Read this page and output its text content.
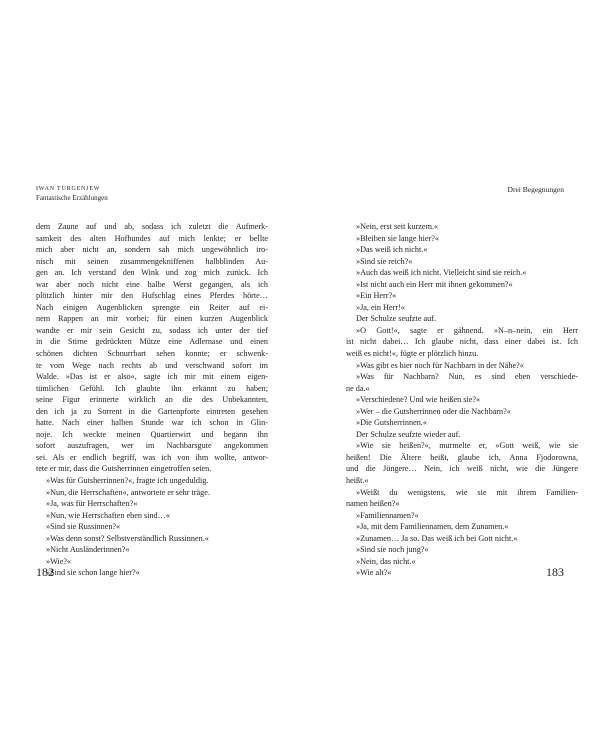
IWAN TURGENJEW
Fantastische Erzählungen
Drei Begegnungen
dem Zaune auf und ab, sodass ich zuletzt die Aufmerk-
samkeit des alten Hofhundes auf mich lenkte; er bellte
mich aber nicht an, sondern sah mich ungewöhnlich iro-
nisch mit seinen zusammengekniffenen halbblinden Au-
gen an. Ich verstand den Wink und zog mich zurück. Ich
war aber noch nicht eine halbe Werst gegangen, als ich
plötzlich hinter mir den Hufschlag eines Pferdes hörte…
Nach einigen Augenblicken sprengte ein Reiter auf ei-
nem Rappen an mir vorbei; für einen kurzen Augenblick
wandte er mir sein Gesicht zu, sodass ich unter der tief
in die Stirne gedrückten Mütze eine Adlernase und einen
schönen dichten Schnurrbart sehen konnte; er schwenk-
te vom Wege nach rechts ab und verschwand sofort im
Walde. »Das ist er also«, sagte ich mir mit einem eigen-
tümlichen Gefühl. Ich glaubte ihn erkannt zu haben;
seine Figur erinnerte wirklich an die des Unbekannten,
den ich ja zu Sorrent in die Gartenpforte eintreten gesehen
hatte. Nach einer halben Stunde war ich schon in Glin-
noje. Ich weckte meinen Quartierwirt und begann ihn
sofort auszufragen, wer im Nachbarsgute angekommen
sei. Als er endlich begriff, was ich von ihm wollte, antwor-
tete er mir, dass die Gutsherrinnen eingetroffen seien.
»Was für Gutsherrinnen?«, fragte ich ungeduldig.
»Nun, die Herrschaften«, antwortete er sehr träge.
»Ja, was für Herrschaften?«
»Nun, wie Herrschaften eben sind…«
»Sind sie Russinnen?«
»Was denn sonst? Selbstverständlich Russinnen.«
»Nicht Ausländerinnen?«
»Wie?«
»Sind sie schon lange hier?«
»Nein, erst seit kurzem.«
»Bleiben sie lange hier?«
»Das weiß ich nicht.«
»Sind sie reich?«
»Auch das weiß ich nicht. Vielleicht sind sie reich.«
»Ist nicht auch ein Herr mit ihnen gekommen?«
»Ein Herr?«
»Ja, ein Herr!«
Der Schulze seufzte auf.
»O Gott!«, sagte er gähnend. »N–n–nein, ein Herr
ist nicht dabei… Ich glaube nicht, dass einer dabei ist. Ich
weiß es nicht!«, fügte er plötzlich hinzu.
»Was gibt es hier noch für Nachbarn in der Nähe?«
»Was für Nachbarn? Nun, es sind eben verschiede-
ne da.«
»Verschiedene? Und wie heißen sie?«
»Wer – die Gutsherrinnen oder die Nachbarn?«
»Die Gutsherrinnen.«
Der Schulze seufzte wieder auf.
»Wie sie heißen?«, murmelte er, »Gott weiß, wie sie
heißen! Die Ältere heißt, glaube ich, Anna Fjodorowna,
und die Jüngere… Nein, ich weiß nicht, wie die Jüngere
heißt.«
»Weißt du wenigstens, wie sie mit ihrem Familien-
namen heißen?«
»Familiennamen?«
»Ja, mit dem Familiennamen, dem Zunamen.«
»Zunamen… Ja so. Das weiß ich bei Gott nicht.«
»Sind sie noch jung?«
»Nein, das nicht.«
»Wie alt?«
182	183
